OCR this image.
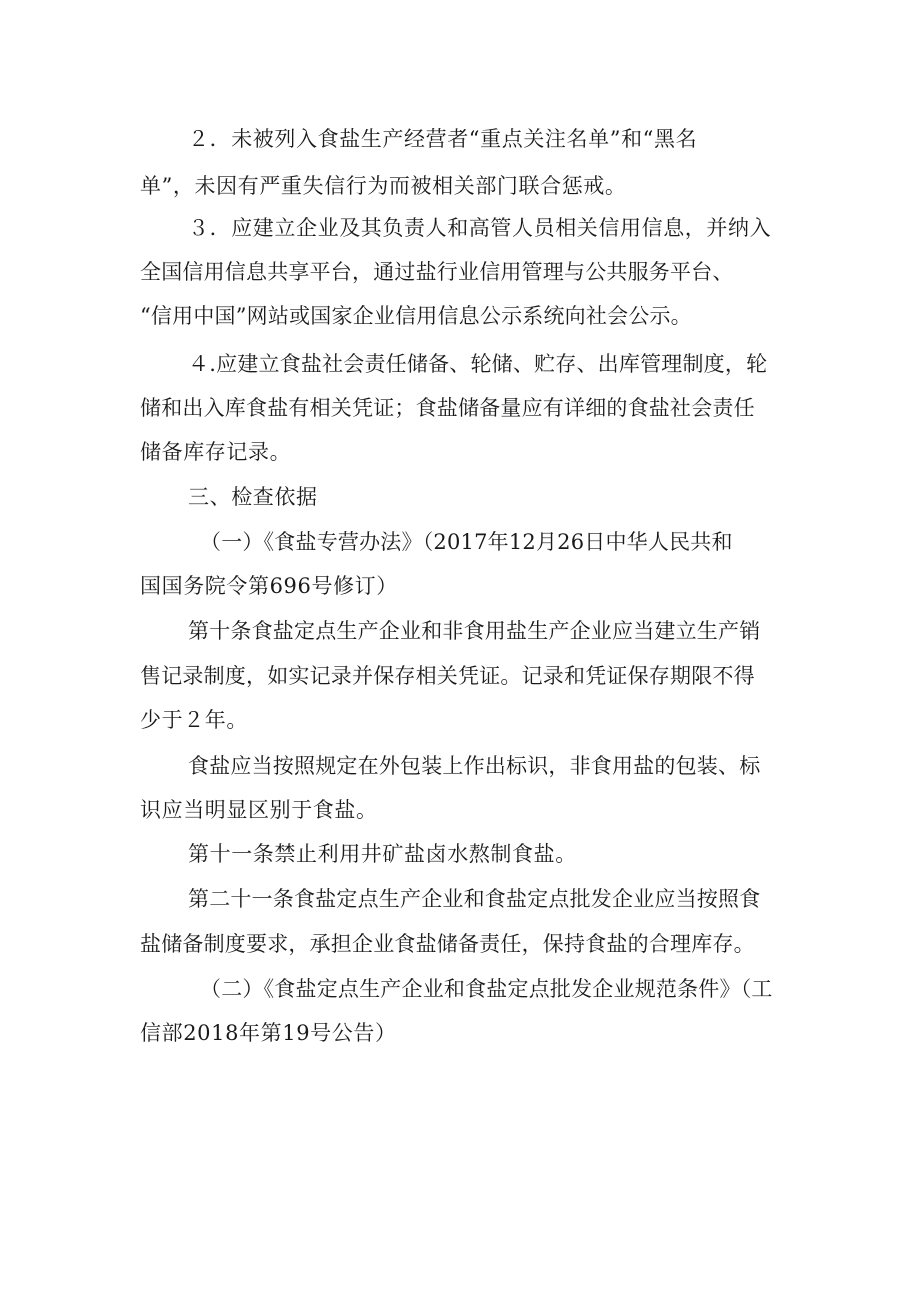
２．未被列入食盐生产经营者“重点关注名单”和“黑名
单”，未因有严重失信行为而被相关部门联合惩戒。
３．应建立企业及其负责人和高管人员相关信用信息，并纳入
全国信用信息共享平台，通过盐行业信用管理与公共服务平台、
“信用中国”网站或国家企业信用信息公示系统向社会公示。
４.应建立食盐社会责任储备、轮储、贮存、出库管理制度，轮
储和出入库食盐有相关凭证；食盐储备量应有详细的食盐社会责任
储备库存记录。
三、检查依据
（一）《食盐专营办法》（2017年12月26日中华人民共和
国国务院令第696号修订）
第十条食盐定点生产企业和非食用盐生产企业应当建立生产销
售记录制度，如实记录并保存相关凭证。记录和凭证保存期限不得
少于２年。
食盐应当按照规定在外包装上作出标识，非食用盐的包装、标
识应当明显区别于食盐。
第十一条禁止利用井矿盐卤水熬制食盐。
第二十一条食盐定点生产企业和食盐定点批发企业应当按照食
盐储备制度要求，承担企业食盐储备责任，保持食盐的合理库存。
（二）《食盐定点生产企业和食盐定点批发企业规范条件》（工
信部2018年第19号公告）
